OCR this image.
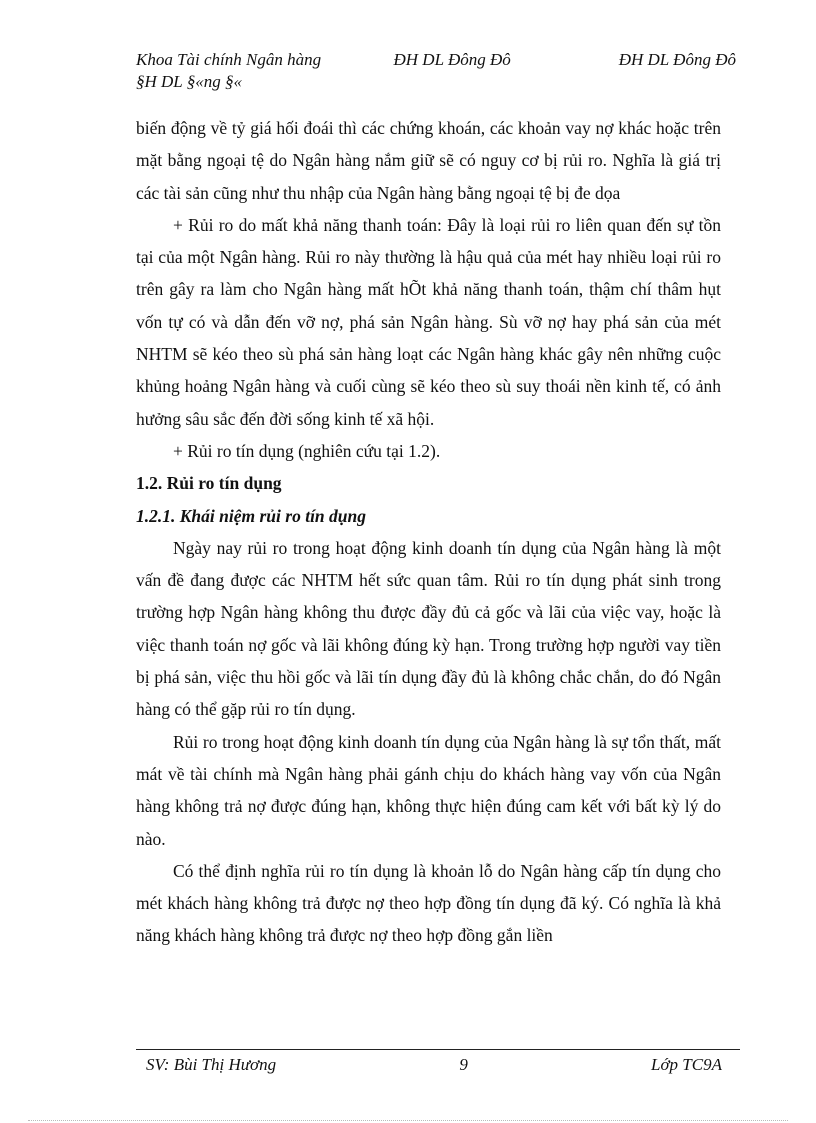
Khoa Tài chính Ngân hàng	ĐH DL Đông Đô	ĐH DL Đông Đô
§H DL §«ng §«

biến động về tỷ giá hối đoái thì các chứng khoán, các khoản vay nợ khác hoặc trên mặt bằng ngoại tệ do Ngân hàng nắm giữ sẽ có nguy cơ bị rủi ro. Nghĩa là giá trị các tài sản cũng như thu nhập của Ngân hàng bằng ngoại tệ bị đe dọa

+ Rủi ro do mất khả năng thanh toán: Đây là loại rủi ro liên quan đến sự tồn tại của một Ngân hàng. Rủi ro này thường là hậu quả của mét hay nhiều loại rủi ro trên gây ra làm cho Ngân hàng mất hÕt khả năng thanh toán, thậm chí thâm hụt vốn tự có và dẫn đến vỡ nợ, phá sản Ngân hàng. Sù vỡ nợ hay phá sản của mét NHTM sẽ kéo theo sù phá sản hàng loạt các Ngân hàng khác gây nên những cuộc khủng hoảng Ngân hàng và cuối cùng sẽ kéo theo sù suy thoái nền kinh tế, có ảnh hưởng sâu sắc đến đời sống kinh tế xã hội.

+ Rủi ro tín dụng (nghiên cứu tại 1.2).

1.2. Rủi ro tín dụng

1.2.1. Khái niệm rủi ro tín dụng

Ngày nay rủi ro trong hoạt động kinh doanh tín dụng của Ngân hàng là một vấn đề đang được các NHTM hết sức quan tâm. Rủi ro tín dụng phát sinh trong trường hợp Ngân hàng không thu được đầy đủ cả gốc và lãi của việc vay, hoặc là việc thanh toán nợ gốc và lãi không đúng kỳ hạn. Trong trường hợp người vay tiền bị phá sản, việc thu hồi gốc và lãi tín dụng đầy đủ là không chắc chắn, do đó Ngân hàng có thể gặp rủi ro tín dụng.

Rủi ro trong hoạt động kinh doanh tín dụng của Ngân hàng là sự tổn thất, mất mát về tài chính mà Ngân hàng phải gánh chịu do khách hàng vay vốn của Ngân hàng không trả nợ được đúng hạn, không thực hiện đúng cam kết với bất kỳ lý do nào.

Có thể định nghĩa rủi ro tín dụng là khoản lỗ do Ngân hàng cấp tín dụng cho mét khách hàng không trả được nợ theo hợp đồng tín dụng đã ký. Có nghĩa là khả năng khách hàng không trả được nợ theo hợp đồng gắn liền

SV: Bùi Thị Hương	9	Lớp TC9A
